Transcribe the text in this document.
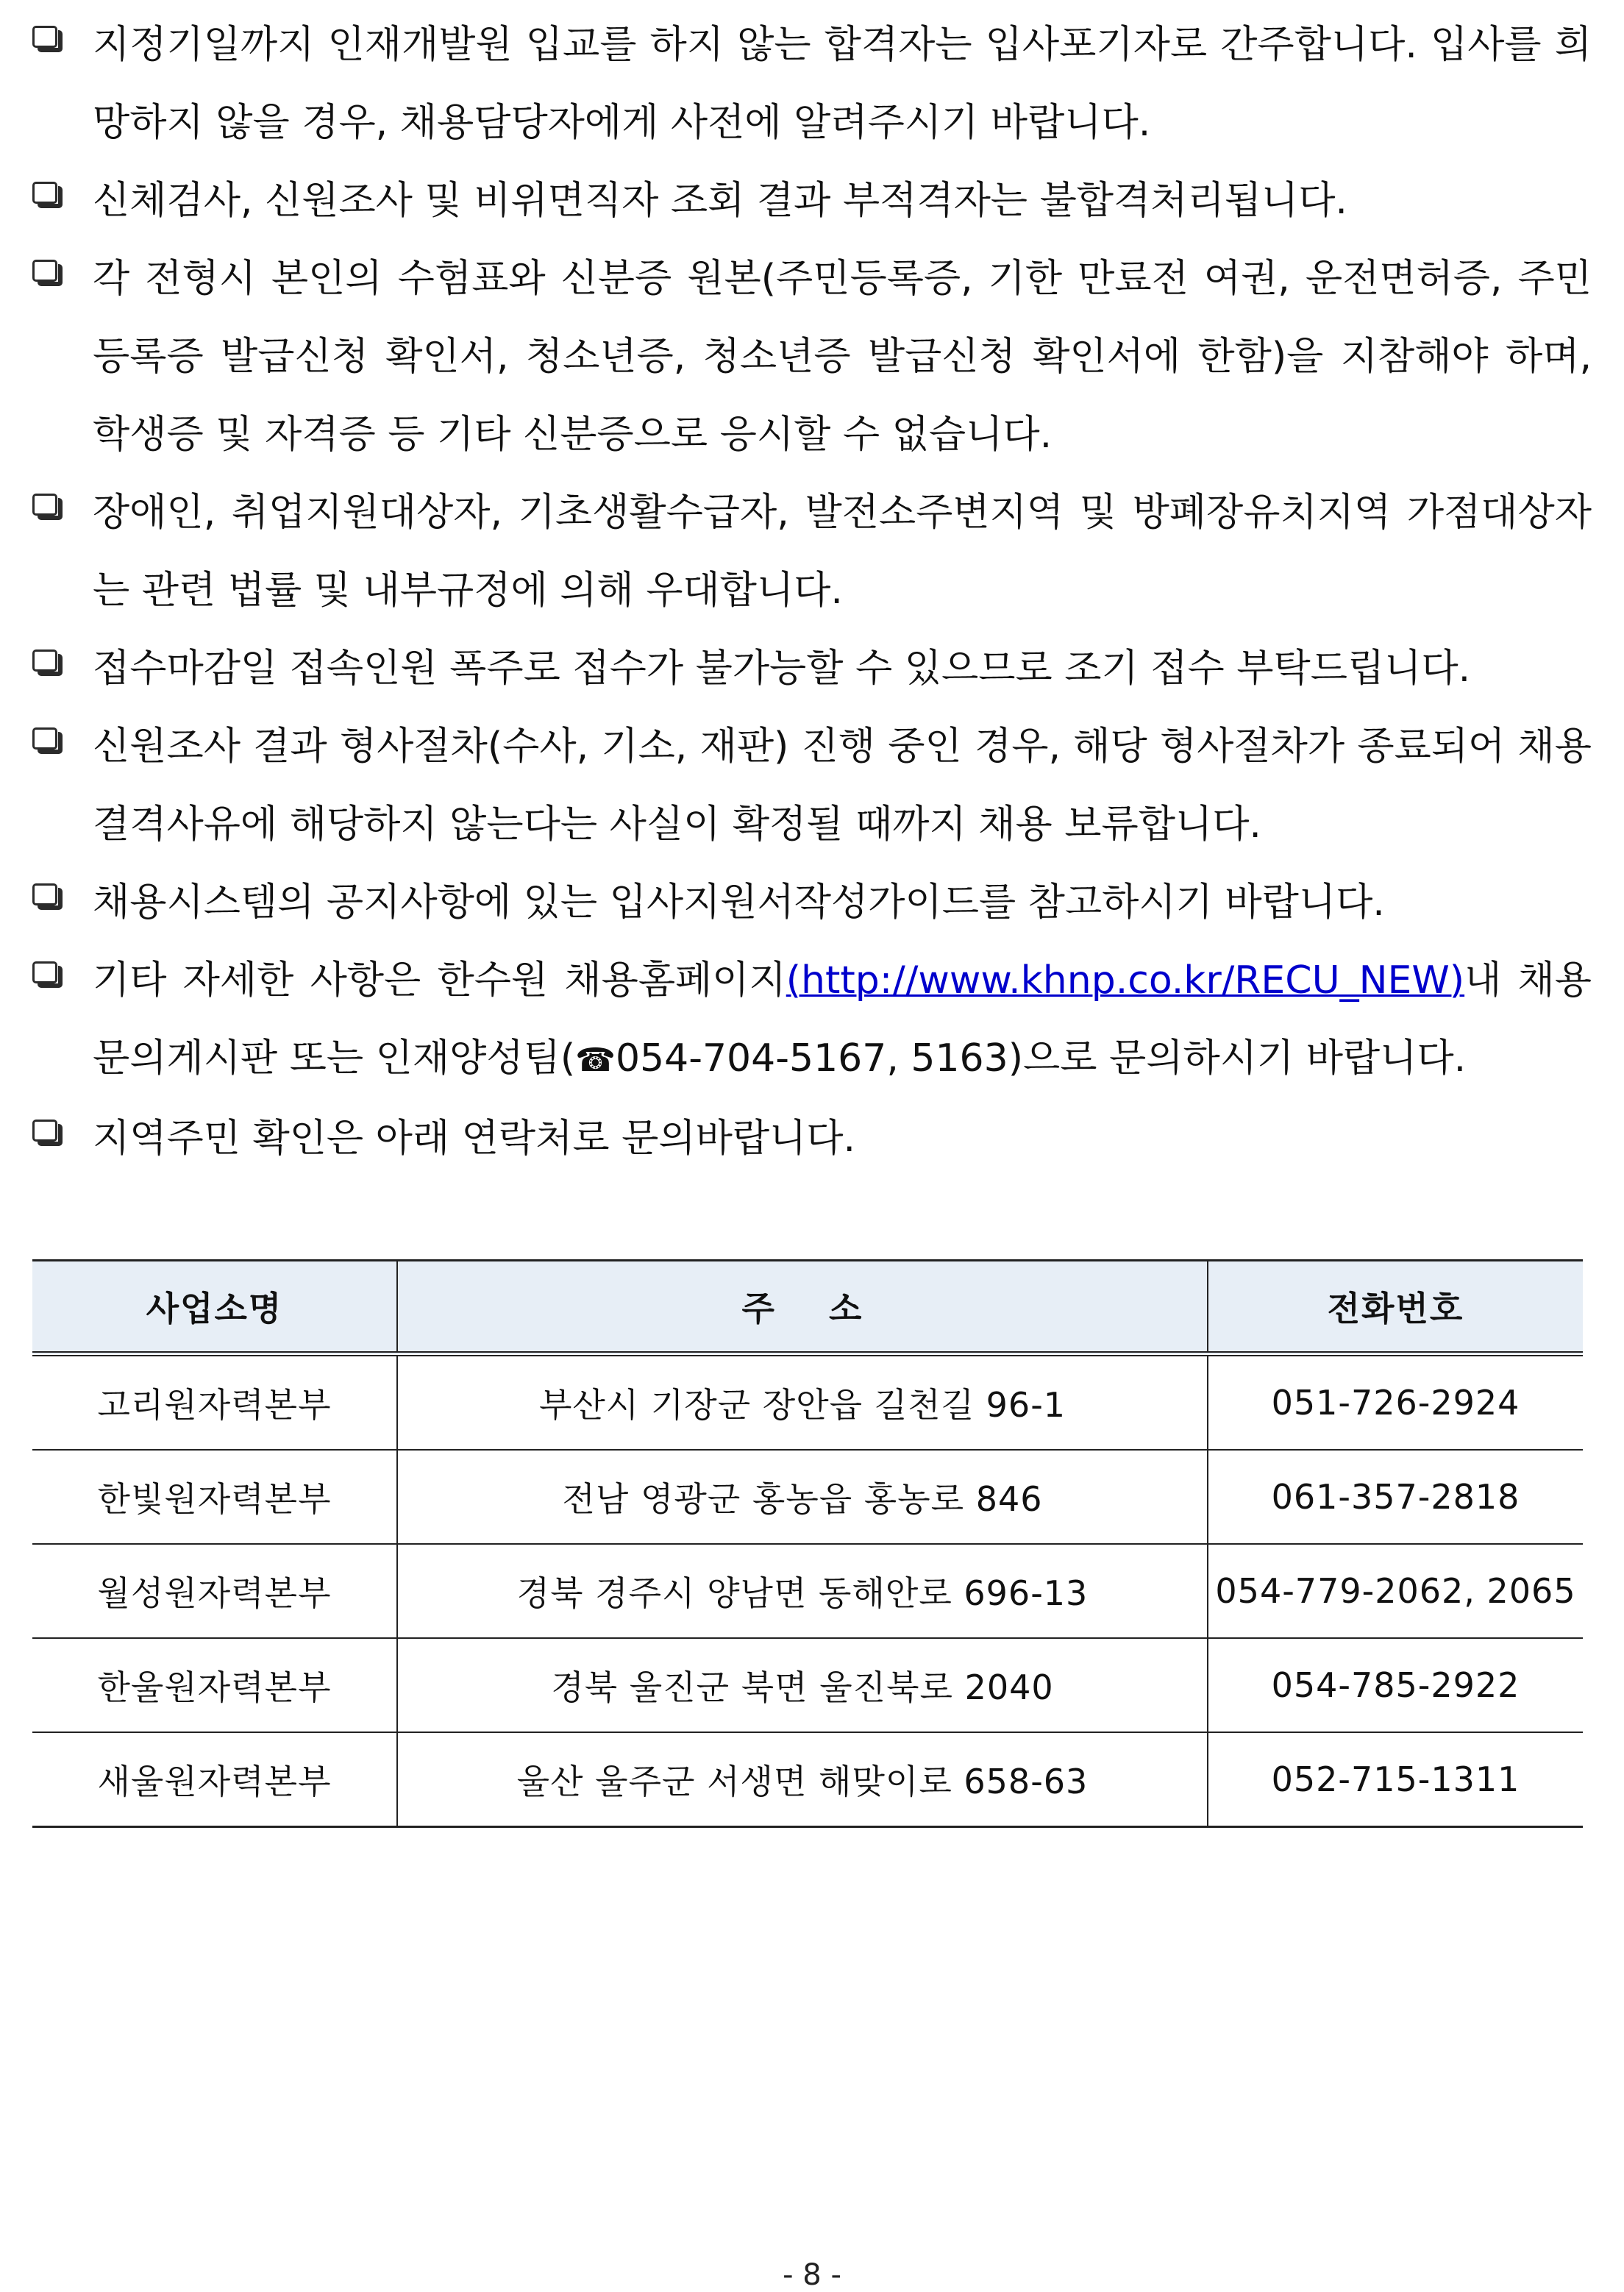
지정기일까지 인재개발원 입교를 하지 않는 합격자는 입사포기자로 간주합니다. 입사를 희망하지 않을 경우, 채용담당자에게 사전에 알려주시기 바랍니다.
신체검사, 신원조사 및 비위면직자 조회 결과 부적격자는 불합격처리됩니다.
각 전형시 본인의 수험표와 신분증 원본(주민등록증, 기한 만료전 여권, 운전면허증, 주민등록증 발급신청 확인서, 청소년증, 청소년증 발급신청 확인서에 한함)을 지참해야 하며, 학생증 및 자격증 등 기타 신분증으로 응시할 수 없습니다.
장애인, 취업지원대상자, 기초생활수급자, 발전소주변지역 및 방폐장유치지역 가점대상자는 관련 법률 및 내부규정에 의해 우대합니다.
접수마감일 접속인원 폭주로 접수가 불가능할 수 있으므로 조기 접수 부탁드립니다.
신원조사 결과 형사절차(수사, 기소, 재판) 진행 중인 경우, 해당 형사절차가 종료되어 채용결격사유에 해당하지 않는다는 사실이 확정될 때까지 채용 보류합니다.
채용시스템의 공지사항에 있는 입사지원서작성가이드를 참고하시기 바랍니다.
기타 자세한 사항은 한수원 채용홈페이지(http://www.khnp.co.kr/RECU_NEW)내 채용 문의게시판 또는 인재양성팀(☎054-704-5167, 5163)으로 문의하시기 바랍니다.
지역주민 확인은 아래 연락처로 문의바랍니다.
사업소명	주    소	전화번호
고리원자력본부	부산시 기장군 장안읍 길천길 96-1	051-726-2924
한빛원자력본부	전남 영광군 홍농읍 홍농로 846	061-357-2818
월성원자력본부	경북 경주시 양남면 동해안로 696-13	054-779-2062, 2065
한울원자력본부	경북 울진군 북면 울진북로 2040	054-785-2922
새울원자력본부	울산 울주군 서생면 해맞이로 658-63	052-715-1311
- 8 -
